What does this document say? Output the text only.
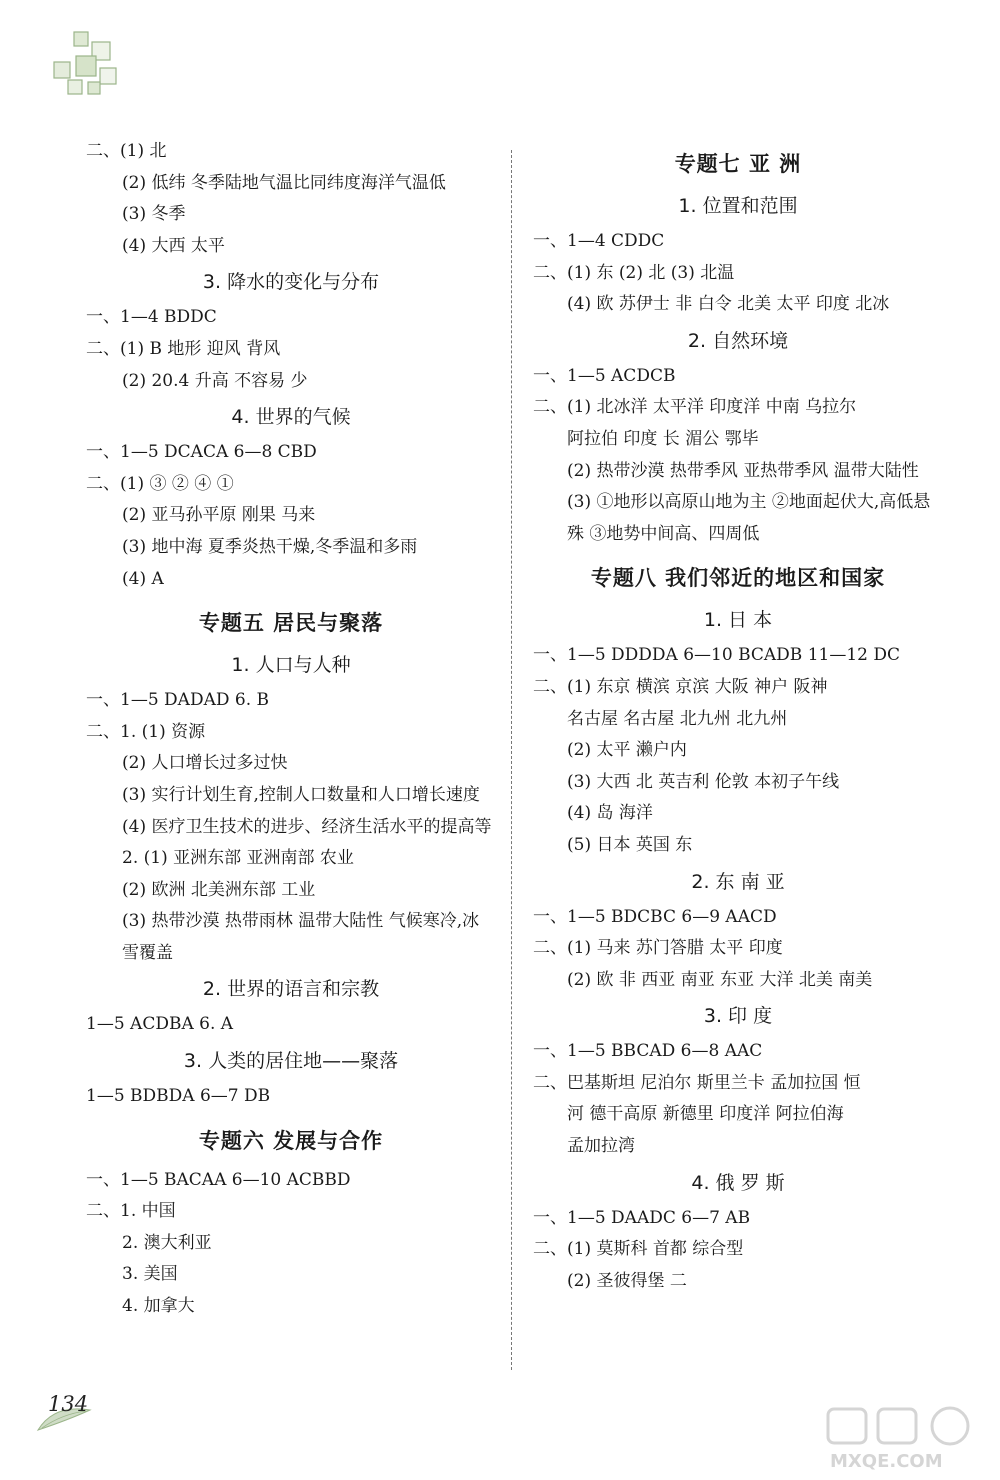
二、(1) 北
(2) 低纬 冬季陆地气温比同纬度海洋气温低
(3) 冬季
(4) 大西 太平
3. 降水的变化与分布
一、1—4 BDDC
二、(1) B 地形 迎风 背风
(2) 20.4 升高 不容易 少
4. 世界的气候
一、1—5 DCACA 6—8 CBD
二、(1) ③ ② ④ ①
(2) 亚马孙平原 刚果 马来
(3) 地中海 夏季炎热干燥,冬季温和多雨
(4) A
专题五 居民与聚落
1. 人口与人种
一、1—5 DADAD 6. B
二、1. (1) 资源
(2) 人口增长过多过快
(3) 实行计划生育,控制人口数量和人口增长速度
(4) 医疗卫生技术的进步、经济生活水平的提高等
2. (1) 亚洲东部 亚洲南部 农业
(2) 欧洲 北美洲东部 工业
(3) 热带沙漠 热带雨林 温带大陆性 气候寒冷,冰雪覆盖
2. 世界的语言和宗教
1—5 ACDBA 6. A
3. 人类的居住地——聚落
1—5 BDBDA 6—7 DB
专题六 发展与合作
一、1—5 BACAA 6—10 ACBBD
二、1. 中国
2. 澳大利亚
3. 美国
4. 加拿大
专题七 亚 洲
1. 位置和范围
一、1—4 CDDC
二、(1) 东 (2) 北 (3) 北温
(4) 欧 苏伊士 非 白令 北美 太平 印度 北冰
2. 自然环境
一、1—5 ACDCB
二、(1) 北冰洋 太平洋 印度洋 中南 乌拉尔
阿拉伯 印度 长 湄公 鄂毕
(2) 热带沙漠 热带季风 亚热带季风 温带大陆性
(3) ①地形以高原山地为主 ②地面起伏大,高低悬殊 ③地势中间高、四周低
专题八 我们邻近的地区和国家
1. 日 本
一、1—5 DDDDA 6—10 BCADB 11—12 DC
二、(1) 东京 横滨 京滨 大阪 神户 阪神
名古屋 名古屋 北九州 北九州
(2) 太平 濑户内
(3) 大西 北 英吉利 伦敦 本初子午线
(4) 岛 海洋
(5) 日本 英国 东
2. 东 南 亚
一、1—5 BDCBC 6—9 AACD
二、(1) 马来 苏门答腊 太平 印度
(2) 欧 非 西亚 南亚 东亚 大洋 北美 南美
3. 印 度
一、1—5 BBCAD 6—8 AAC
二、巴基斯坦 尼泊尔 斯里兰卡 孟加拉国 恒
河 德干高原 新德里 印度洋 阿拉伯海
孟加拉湾
4. 俄 罗 斯
一、1—5 DAADC 6—7 AB
二、(1) 莫斯科 首都 综合型
(2) 圣彼得堡 二
134
MXQE.COM
